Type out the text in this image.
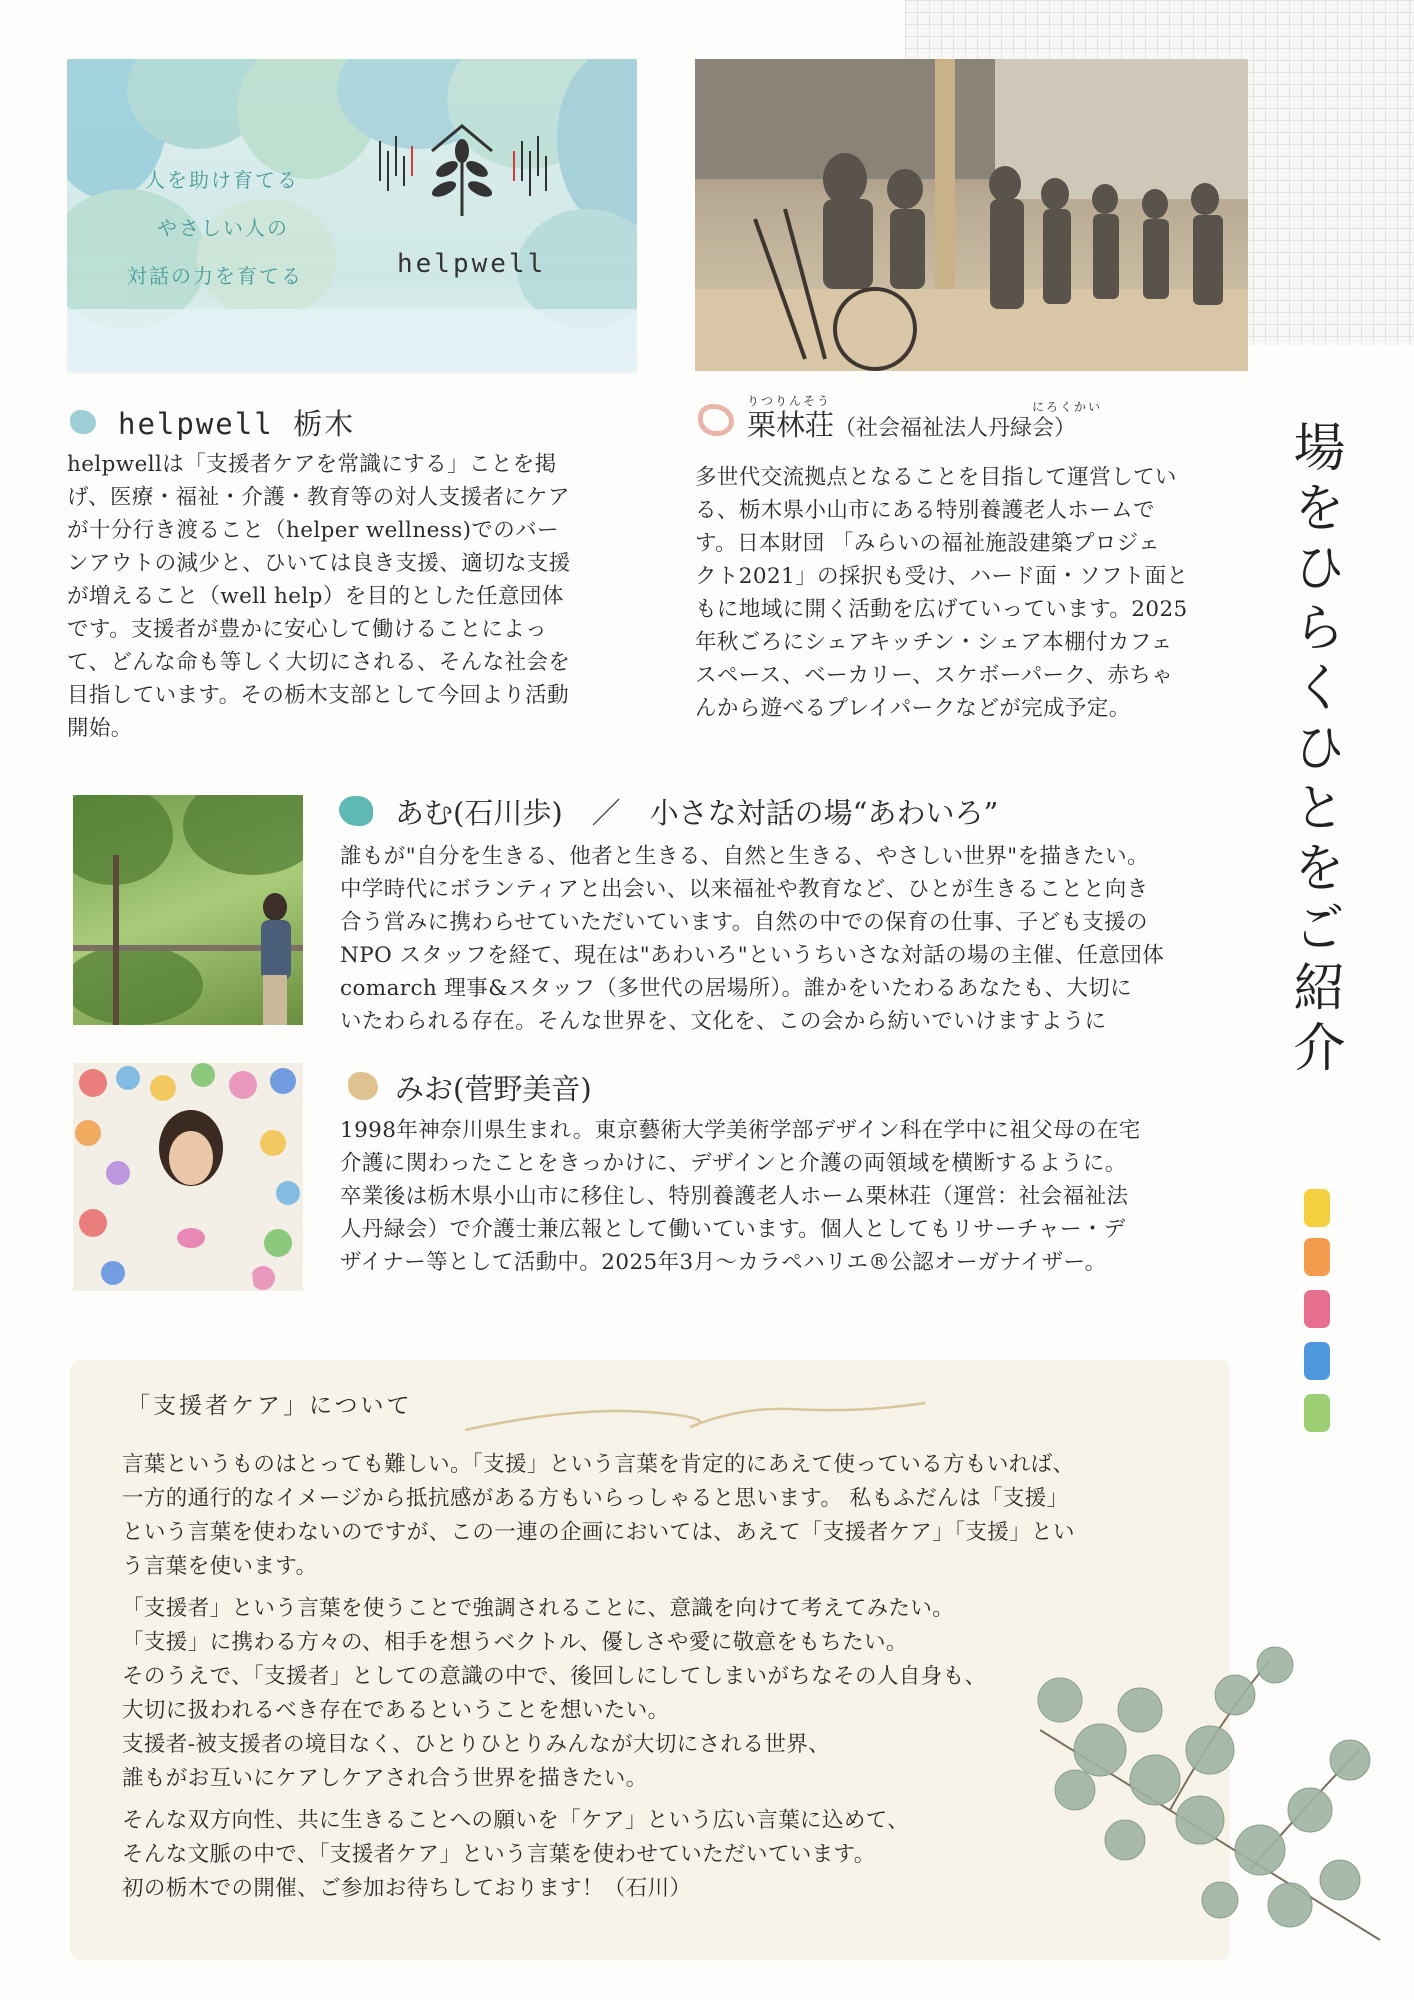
人を助け育てる
やさしい人の
対話の力を育てる	helpwell
helpwell 栃木
helpwellは「支援者ケアを常識にする」ことを掲
げ、医療・福祉・介護・教育等の対人支援者にケア
が十分行き渡ること（helper wellness)でのバー
ンアウトの減少と、ひいては良き支援、適切な支援
が増えること（well help）を目的とした任意団体
です。支援者が豊かに安心して働けることによっ
て、どんな命も等しく大切にされる、そんな社会を
目指しています。その栃木支部として今回より活動
開始。
りつりんそう	にろくかい
栗林荘（社会福祉法人丹緑会）
多世代交流拠点となることを目指して運営してい
る、栃木県小山市にある特別養護老人ホームで
す。日本財団 「みらいの福祉施設建築プロジェ
クト2021」の採択も受け、ハード面・ソフト面と
もに地域に開く活動を広げていっています。2025
年秋ごろにシェアキッチン・シェア本棚付カフェ
スペース、ベーカリー、スケボーパーク、赤ちゃ
んから遊べるプレイパークなどが完成予定。	場をひらくひとをご紹介
あむ(石川歩)　／　小さな対話の場“あわいろ”
誰もが"自分を生きる、他者と生きる、自然と生きる、やさしい世界"を描きたい。
中学時代にボランティアと出会い、以来福祉や教育など、ひとが生きることと向き
合う営みに携わらせていただいています。自然の中での保育の仕事、子ども支援の
NPO スタッフを経て、現在は"あわいろ"というちいさな対話の場の主催、任意団体
comarch 理事&スタッフ（多世代の居場所）。誰かをいたわるあなたも、大切に
いたわられる存在。そんな世界を、文化を、この会から紡いでいけますように
みお(菅野美音)
1998年神奈川県生まれ。東京藝術大学美術学部デザイン科在学中に祖父母の在宅
介護に関わったことをきっかけに、デザインと介護の両領域を横断するように。
卒業後は栃木県小山市に移住し、特別養護老人ホーム栗林荘（運営：社会福祉法
人丹緑会）で介護士兼広報として働いています。個人としてもリサーチャー・デ
ザイナー等として活動中。2025年3月～カラペハリエ®公認オーガナイザー。
「支援者ケア」について
言葉というものはとっても難しい。「支援」という言葉を肯定的にあえて使っている方もいれば、
一方的通行的なイメージから抵抗感がある方もいらっしゃると思います。 私もふだんは「支援」
という言葉を使わないのですが、この一連の企画においては、あえて「支援者ケア」「支援」とい
う言葉を使います。
「支援者」という言葉を使うことで強調されることに、意識を向けて考えてみたい。
「支援」に携わる方々の、相手を想うベクトル、優しさや愛に敬意をもちたい。
そのうえで、「支援者」としての意識の中で、後回しにしてしまいがちなその人自身も、
大切に扱われるべき存在であるということを想いたい。
支援者-被支援者の境目なく、ひとりひとりみんなが大切にされる世界、
誰もがお互いにケアしケアされ合う世界を描きたい。
そんな双方向性、共に生きることへの願いを「ケア」という広い言葉に込めて、
そんな文脈の中で、「支援者ケア」という言葉を使わせていただいています。
初の栃木での開催、ご参加お待ちしております！（石川）
